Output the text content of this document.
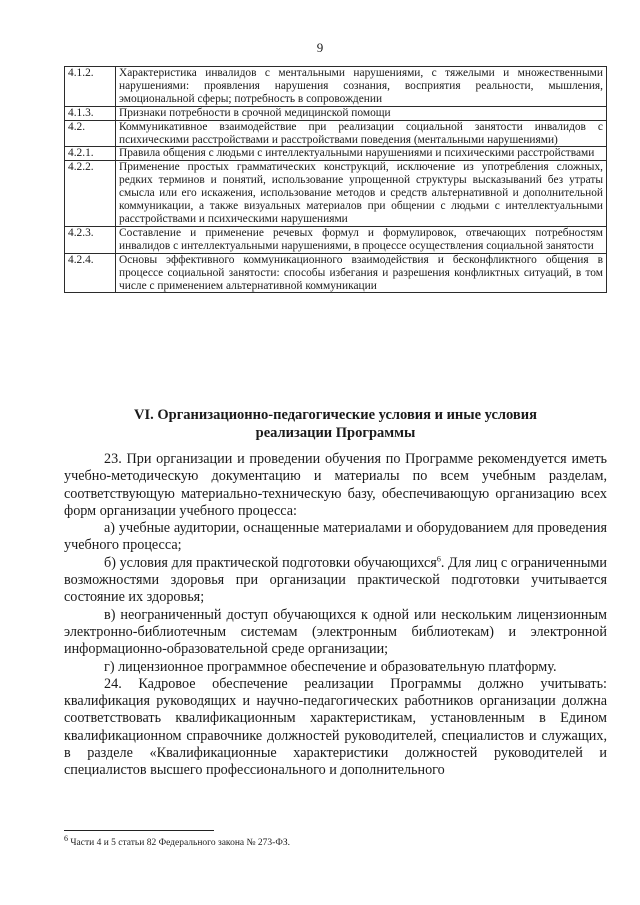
9
4.1.2.	Характеристика инвалидов с ментальными нарушениями, с тяжелыми и множественными нарушениями: проявления нарушения сознания, восприятия реальности, мышления, эмоциональной сферы; потребность в сопровождении
4.1.3.	Признаки потребности в срочной медицинской помощи
4.2.	Коммуникативное взаимодействие при реализации социальной занятости инвалидов с психическими расстройствами и расстройствами поведения (ментальными нарушениями)
4.2.1.	Правила общения с людьми с интеллектуальными нарушениями и психическими расстройствами
4.2.2.	Применение простых грамматических конструкций, исключение из употребления сложных, редких терминов и понятий, использование упрощенной структуры высказываний без утраты смысла или его искажения, использование методов и средств альтернативной и дополнительной коммуникации, а также визуальных материалов при общении с людьми с интеллектуальными расстройствами и психическими нарушениями
4.2.3.	Составление и применение речевых формул и формулировок, отвечающих потребностям инвалидов с интеллектуальными нарушениями, в процессе осуществления социальной занятости
4.2.4.	Основы эффективного коммуникационного взаимодействия и бесконфликтного общения в процессе социальной занятости: способы избегания и разрешения конфликтных ситуаций, в том числе с применением альтернативной коммуникации
VI. Организационно-педагогические условия и иные условия
реализации Программы

23. При организации и проведении обучения по Программе рекомендуется иметь учебно-методическую документацию и материалы по всем учебным разделам, соответствующую материально-техническую базу, обеспечивающую организацию всех форм организации учебного процесса:

а) учебные аудитории, оснащенные материалами и оборудованием для проведения учебного процесса;

б) условия для практической подготовки обучающихся$^6$. Для лиц с ограниченными возможностями здоровья при организации практической подготовки учитывается состояние их здоровья;

в) неограниченный доступ обучающихся к одной или нескольким лицензионным электронно-библиотечным системам (электронным библиотекам) и электронной информационно-образовательной среде организации;

г) лицензионное программное обеспечение и образовательную платформу.

24. Кадровое обеспечение реализации Программы должно учитывать: квалификация руководящих и научно-педагогических работников организации должна соответствовать квалификационным характеристикам, установленным в Едином квалификационном справочнике должностей руководителей, специалистов и служащих, в разделе «Квалификационные характеристики должностей руководителей и специалистов высшего профессионального и дополнительного

$^6$ Части 4 и 5 статьи 82 Федерального закона № 273-ФЗ.
